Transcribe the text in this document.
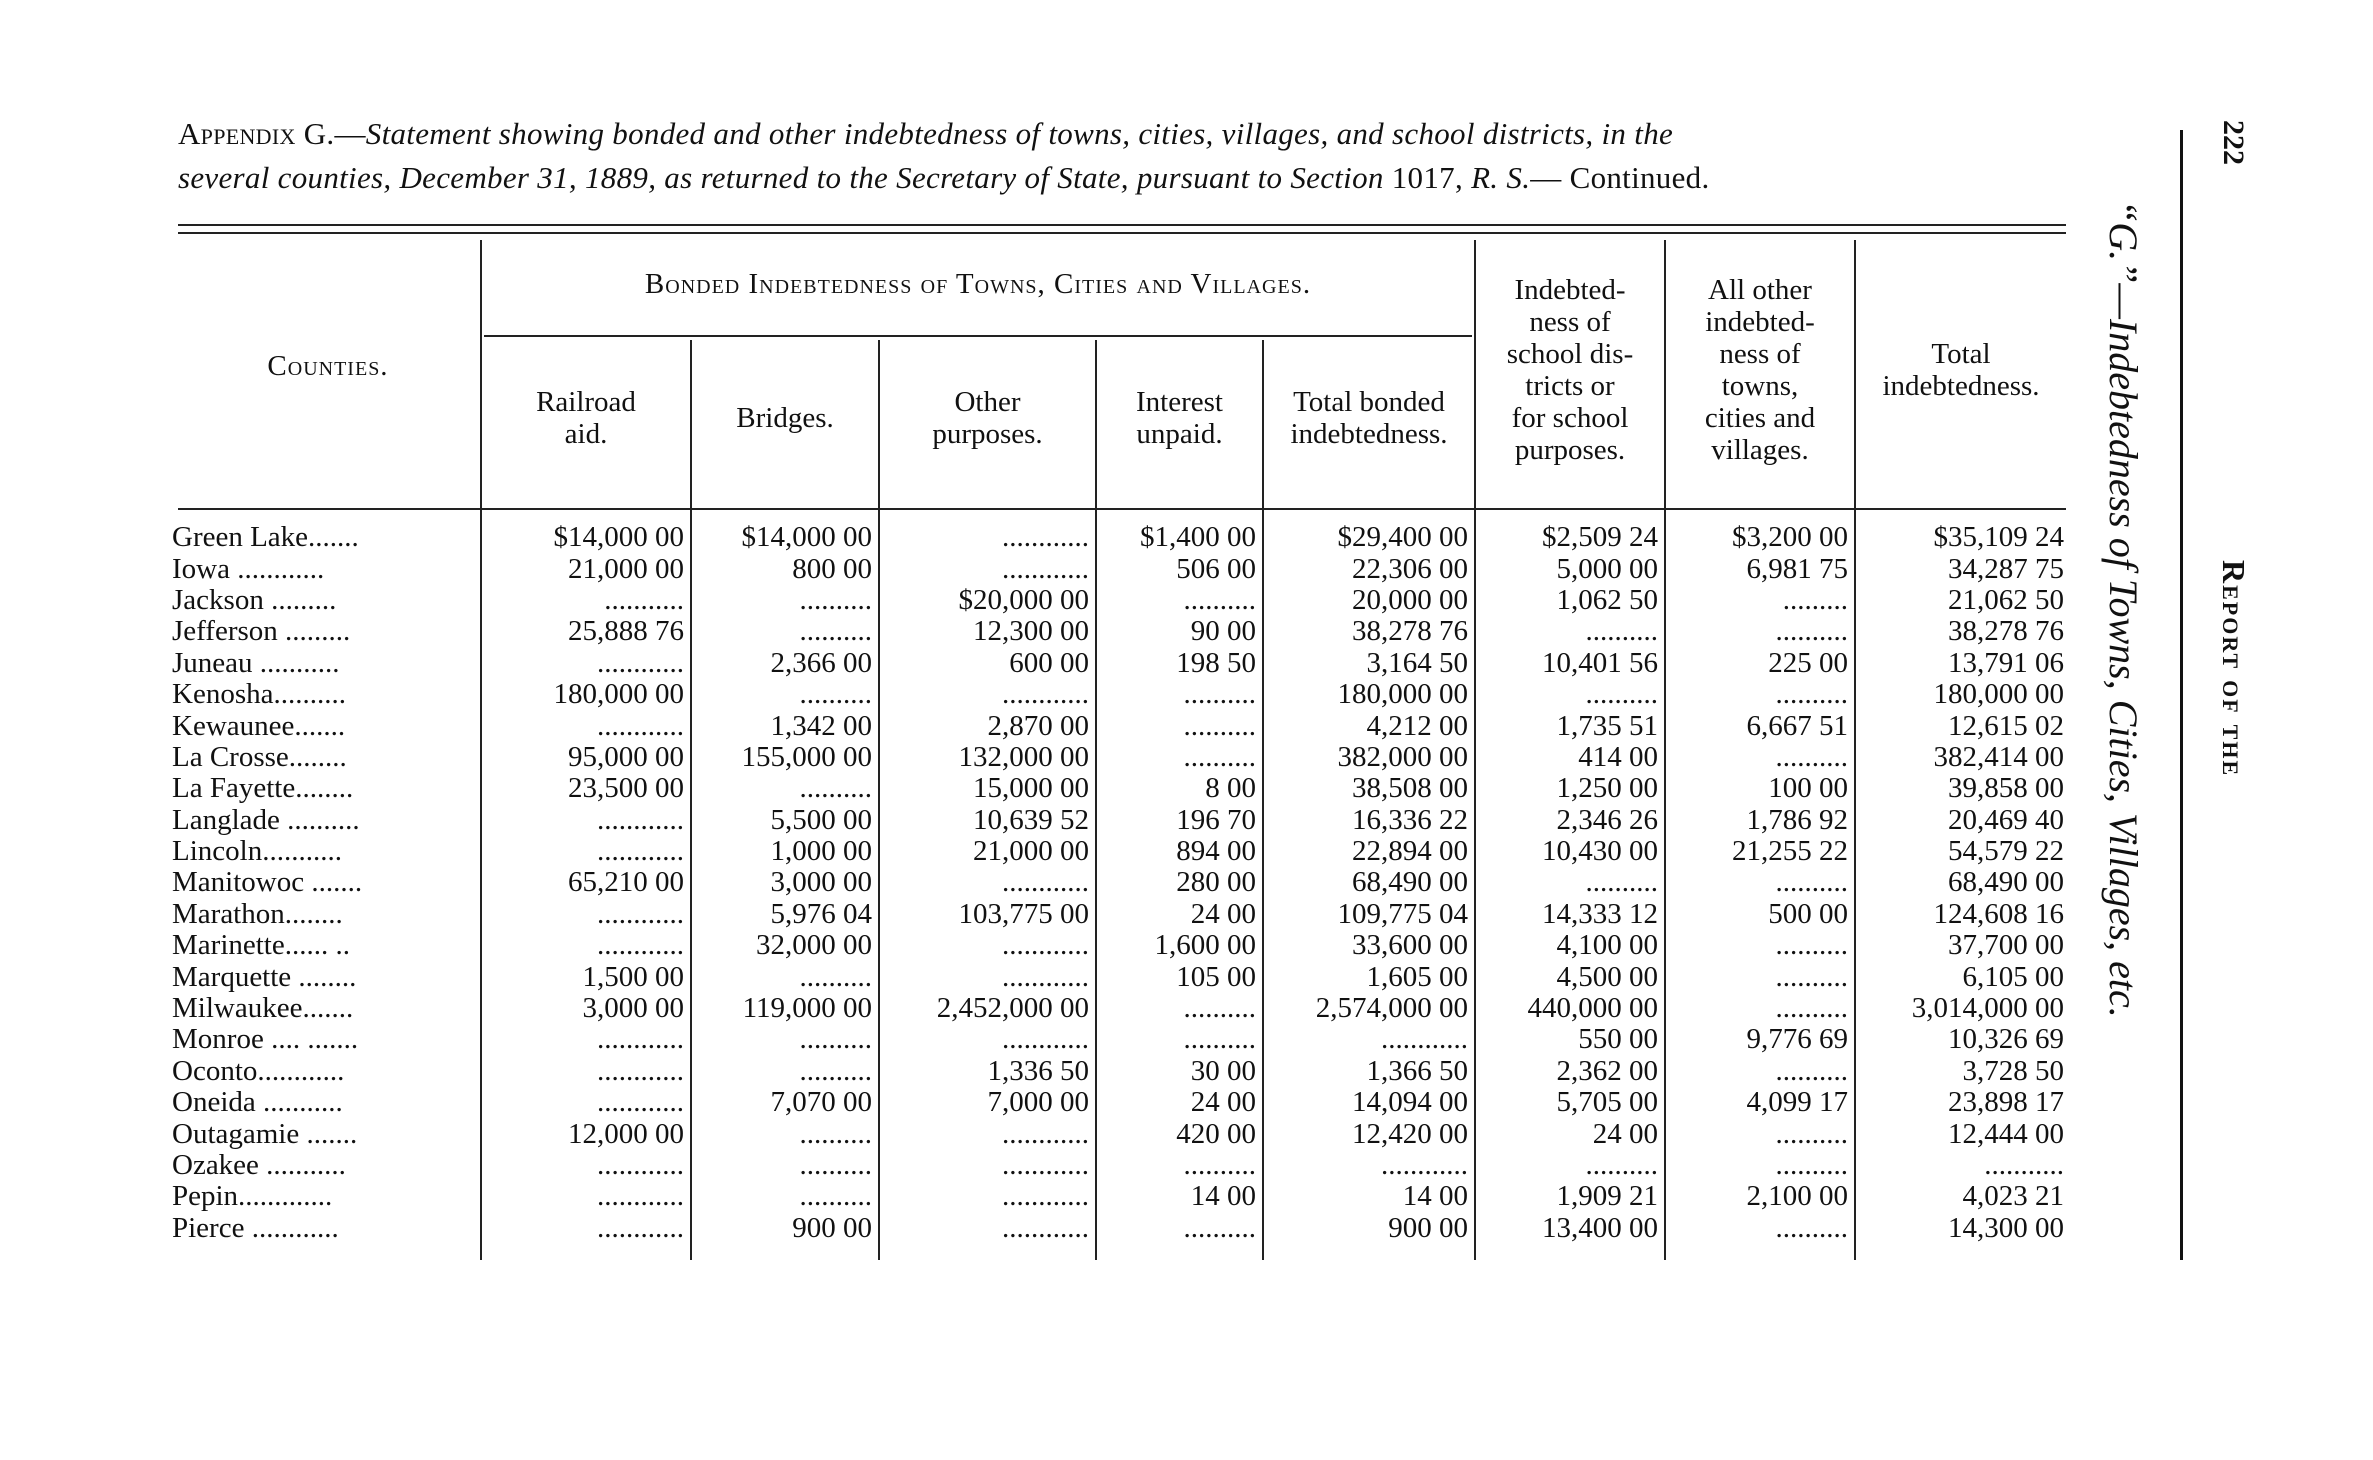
Appendix G.—Statement showing bonded and other indebtedness of towns, cities, villages, and school districts, in the
several counties, December 31, 1889, as returned to the Secretary of State, pursuant to Section 1017, R. S.— Continued.
Counties.
Bonded Indebtedness of Towns, Cities and Villages.
Railroad
aid.	Bridges.	Other
purposes.
Interest
unpaid.
Total bonded
indebtedness.
Indebted-
ness of
school dis-
tricts or
for school
purposes.
All other
indebted-
ness of
towns,
cities and
villages.
Total
indebtedness.
Green Lake.......	$14,000 00	$14,000 00	............	$1,400 00	$29,400 00	$2,509 24	$3,200 00	$35,109 24
Iowa ............	21,000 00	800 00	............	506 00	22,306 00	5,000 00	6,981 75	34,287 75
Jackson .........	...........	..........	$20,000 00	..........	20,000 00	1,062 50	.........	21,062 50
Jefferson .........	25,888 76	..........	12,300 00	90 00	38,278 76	..........	..........	38,278 76
Juneau ...........	............	2,366 00	600 00	198 50	3,164 50	10,401 56	225 00	13,791 06
Kenosha..........	180,000 00	..........	............	..........	180,000 00	..........	..........	180,000 00
Kewaunee.......	............	1,342 00	2,870 00	..........	4,212 00	1,735 51	6,667 51	12,615 02
La Crosse........	95,000 00	155,000 00	132,000 00	..........	382,000 00	414 00	..........	382,414 00
La Fayette........	23,500 00	..........	15,000 00	8 00	38,508 00	1,250 00	100 00	39,858 00
Langlade ..........	............	5,500 00	10,639 52	196 70	16,336 22	2,346 26	1,786 92	20,469 40
Lincoln...........	............	1,000 00	21,000 00	894 00	22,894 00	10,430 00	21,255 22	54,579 22
Manitowoc .......	65,210 00	3,000 00	............	280 00	68,490 00	..........	..........	68,490 00
Marathon........	............	5,976 04	103,775 00	24 00	109,775 04	14,333 12	500 00	124,608 16
Marinette...... ..	............	32,000 00	............	1,600 00	33,600 00	4,100 00	..........	37,700 00
Marquette ........	1,500 00	..........	............	105 00	1,605 00	4,500 00	..........	6,105 00
Milwaukee.......	3,000 00	119,000 00	2,452,000 00	..........	2,574,000 00	440,000 00	..........	3,014,000 00
Monroe .... .......	............	..........	............	..........	............	550 00	9,776 69	10,326 69
Oconto............	............	..........	1,336 50	30 00	1,366 50	2,362 00	..........	3,728 50
Oneida ...........	............	7,070 00	7,000 00	24 00	14,094 00	5,705 00	4,099 17	23,898 17
Outagamie .......	12,000 00	..........	............	420 00	12,420 00	24 00	..........	12,444 00
Ozakee ...........	............	..........	............	..........	............	..........	..........	...........
Pepin.............	............	..........	............	14 00	14 00	1,909 21	2,100 00	4,023 21
Pierce ............	............	900 00	............	..........	900 00	13,400 00	..........	14,300 00
“G.”—Indebtedness of Towns, Cities, Villages, etc.
222
Report of the
